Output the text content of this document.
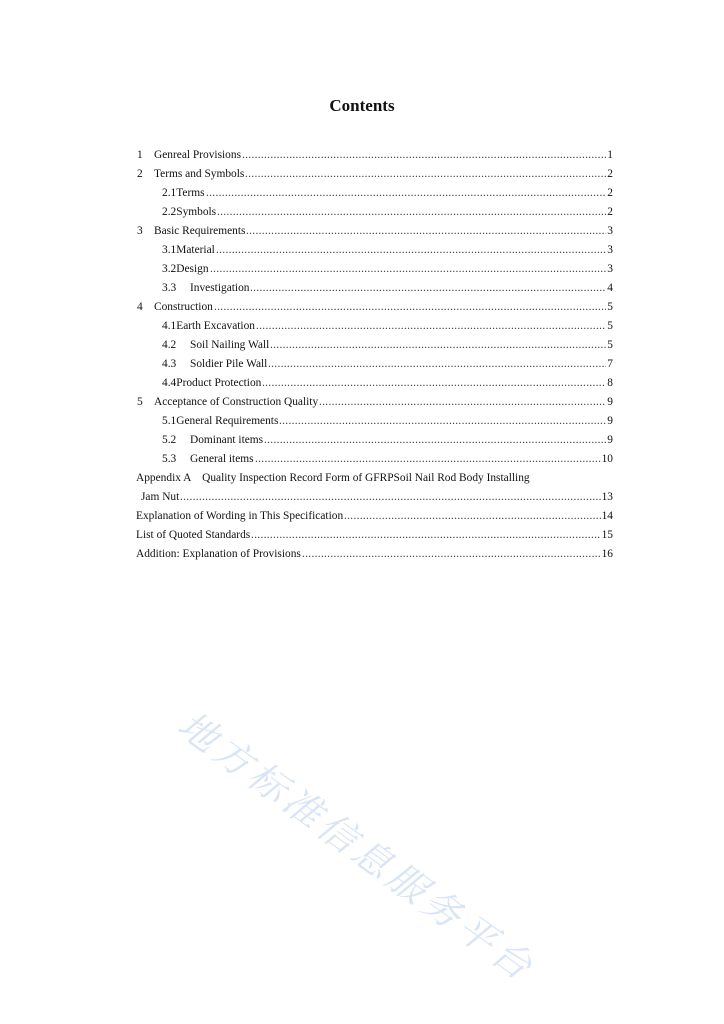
Contents
1 Genreal Provisions .....	1
2 Terms and Symbols .....	2
2.1Terms .....	2
2.2Symbols .....	2
3 Basic Requirements .....	3
3.1Material .....	3
3.2Design .....	3
3.3 Investigation .....	4
4 Construction .....	5
4.1Earth Excavation .....	5
4.2 Soil Nailing Wall .....	5
4.3 Soldier Pile Wall .....	7
4.4Product Protection .....	8
5 Acceptance of Construction Quality .....	9
5.1General Requirements .....	9
5.2 Dominant items .....	9
5.3 General items .....	10
Appendix A    Quality Inspection Record Form of GFRPSoil Nail Rod Body Installing
Jam Nut .....	13
Explanation of Wording in This Specification .....	14
List of Quoted Standards .....	15
Addition: Explanation of Provisions .....	16
地方标准信息服务平台
